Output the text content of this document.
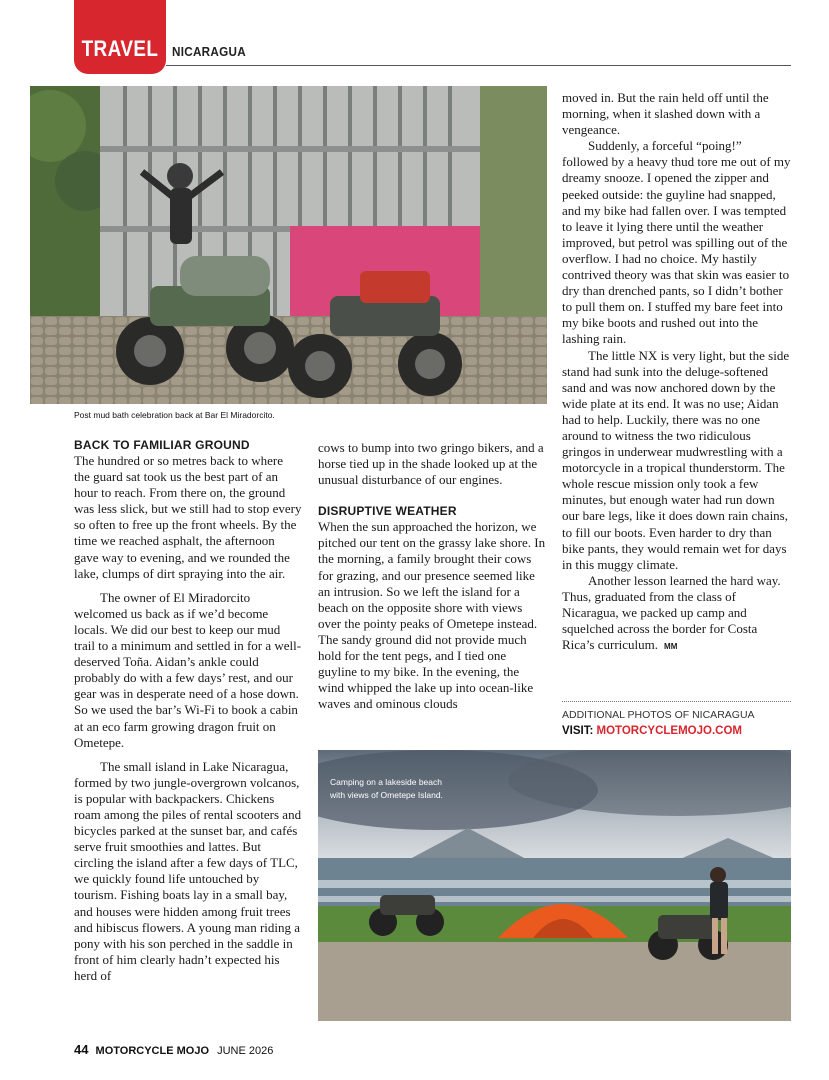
TRAVEL NICARAGUA
Post mud bath celebration back at Bar El Miradorcito.
BACK TO FAMILIAR GROUND

The hundred or so metres back to where the guard sat took us the best part of an hour to reach. From there on, the ground was less slick, but we still had to stop every so often to free up the front wheels. By the time we reached asphalt, the afternoon gave way to evening, and we rounded the lake, clumps of dirt spraying into the air.

The owner of El Miradorcito welcomed us back as if we’d become locals. We did our best to keep our mud trail to a minimum and settled in for a well-deserved Toña. Aidan’s ankle could probably do with a few days’ rest, and our gear was in desperate need of a hose down. So we used the bar’s Wi-Fi to book a cabin at an eco farm growing dragon fruit on Ometepe.

The small island in Lake Nicaragua, formed by two jungle-overgrown volcanos, is popular with backpackers. Chickens roam among the piles of rental scooters and bicycles parked at the sunset bar, and cafés serve fruit smoothies and lattes. But circling the island after a few days of TLC, we quickly found life untouched by tourism. Fishing boats lay in a small bay, and houses were hidden among fruit trees and hibiscus flowers. A young man riding a pony with his son perched in the saddle in front of him clearly hadn’t expected his herd of

cows to bump into two gringo bikers, and a horse tied up in the shade looked up at the unusual disturbance of our engines.

DISRUPTIVE WEATHER

When the sun approached the horizon, we pitched our tent on the grassy lake shore. In the morning, a family brought their cows for grazing, and our presence seemed like an intrusion. So we left the island for a beach on the opposite shore with views over the pointy peaks of Ometepe instead. The sandy ground did not provide much hold for the tent pegs, and I tied one guyline to my bike. In the evening, the wind whipped the lake up into ocean-like waves and ominous clouds

moved in. But the rain held off until the morning, when it slashed down with a vengeance.

Suddenly, a forceful “poing!” followed by a heavy thud tore me out of my dreamy snooze. I opened the zipper and peeked outside: the guyline had snapped, and my bike had fallen over. I was tempted to leave it lying there until the weather improved, but petrol was spilling out of the overflow. I had no choice. My hastily contrived theory was that skin was easier to dry than drenched pants, so I didn’t bother to pull them on. I stuffed my bare feet into my bike boots and rushed out into the lashing rain.

The little NX is very light, but the side stand had sunk into the deluge-softened sand and was now anchored down by the wide plate at its end. It was no use; Aidan had to help. Luckily, there was no one around to witness the two ridiculous gringos in underwear mudwrestling with a motorcycle in a tropical thunderstorm. The whole rescue mission only took a few minutes, but enough water had run down our bare legs, like it does down rain chains, to fill our boots. Even harder to dry than bike pants, they would remain wet for days in this muggy climate.

Another lesson learned the hard way. Thus, graduated from the class of Nicaragua, we packed up camp and squelched across the border for Costa Rica’s curriculum. MM

ADDITIONAL PHOTOS OF NICARAGUA
VISIT: MOTORCYCLEMOJO.COM
Camping on a lakeside beach with views of Ometepe Island.
44 MOTORCYCLE MOJO JUNE 2026
